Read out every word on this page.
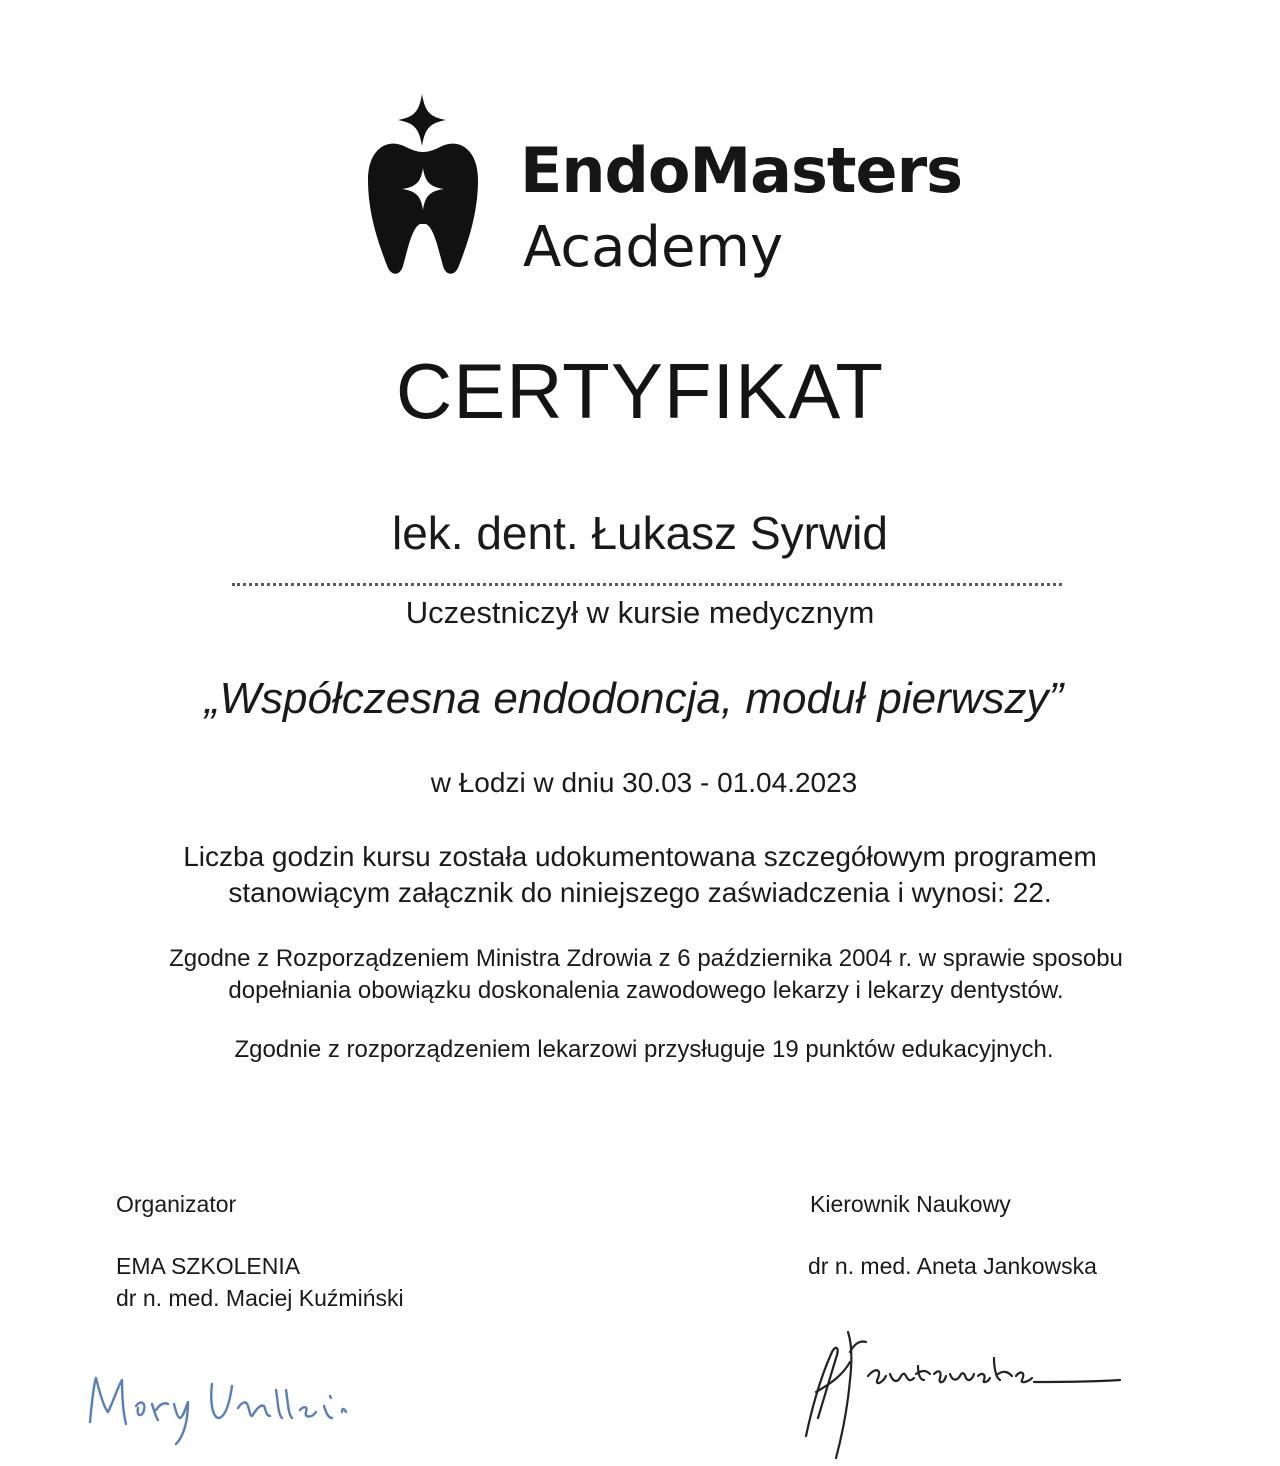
EndoMasters
Academy
CERTYFIKAT
lek. dent. Łukasz Syrwid
Uczestniczył w kursie medycznym
„Współczesna endodoncja, moduł pierwszy”
w Łodzi w dniu 30.03 - 01.04.2023
Liczba godzin kursu została udokumentowana szczegółowym programem
stanowiącym załącznik do niniejszego zaświadczenia i wynosi: 22.
Zgodne z Rozporządzeniem Ministra Zdrowia z 6 października 2004 r. w sprawie sposobu
dopełniania obowiązku doskonalenia zawodowego lekarzy i lekarzy dentystów.
Zgodnie z rozporządzeniem lekarzowi przysługuje 19 punktów edukacyjnych.
Organizator
EMA SZKOLENIA
dr n. med. Maciej Kuźmiński
Kierownik Naukowy
dr n. med. Aneta Jankowska
